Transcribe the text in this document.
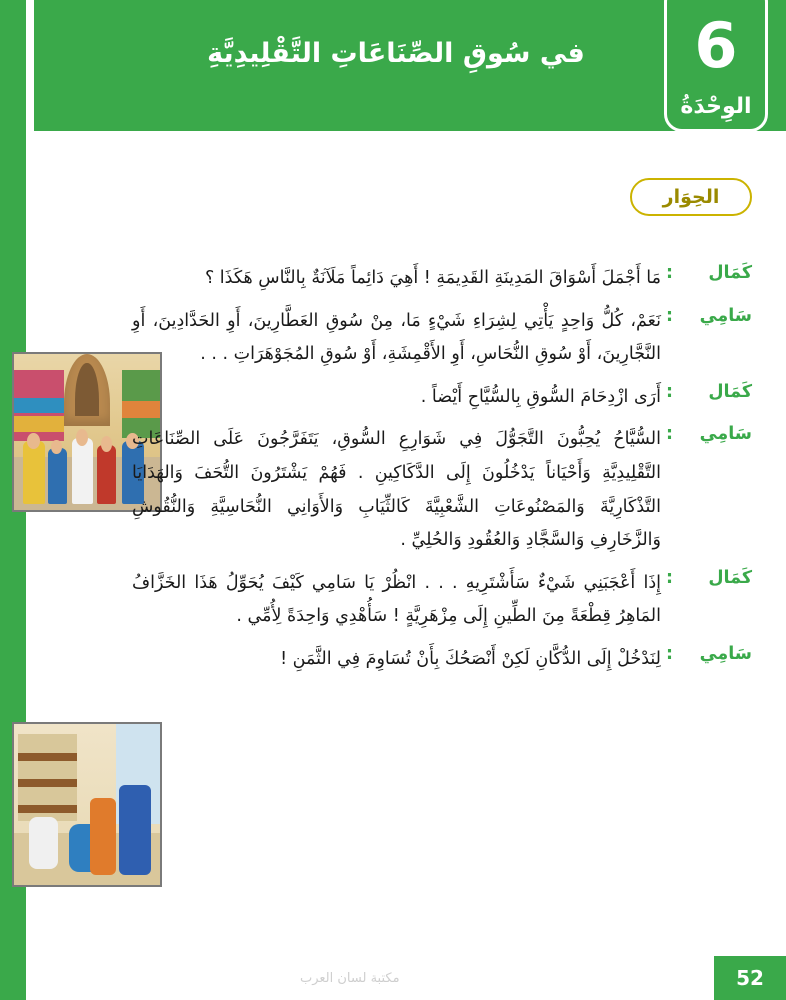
في سُوقِ الصِّنَاعَاتِ التَّقْلِيدِيَّةِ	6
الوِحْدَةُ
الحِوَار
كَمَال
:
مَا أَجْمَلَ أَسْوَاقَ المَدِينَةِ القَدِيمَةِ ! أَهِيَ دَائِماً مَلَآنَةٌ بِالنَّاسِ هَكَذَا ؟
سَامِي
:
نَعَمْ، كُلُّ وَاحِدٍ يَأْتِي لِشِرَاءِ شَيْءٍ مَا، مِنْ سُوقِ العَطَّارِينَ، أَوِ الحَدَّادِينَ، أَوِ النَّجَّارِينَ، أَوْ سُوقِ النُّحَاسِ، أَوِ الأَقْمِشَةِ، أَوْ سُوقِ المُجَوْهَرَاتِ . . .
كَمَال
:
أَرَى ازْدِحَامَ السُّوقِ بِالسُّيَّاحِ أَيْضاً .
سَامِي
:
السُّيَّاحُ يُحِبُّونَ التَّجَوُّلَ فِي شَوَارِعِ السُّوقِ، يَتَفَرَّجُونَ عَلَى الصِّنَاعَاتِ التَّقْلِيدِيَّةِ وَأَحْيَاناً يَدْخُلُونَ إِلَى الدَّكَاكِينِ . فَهُمْ يَشْتَرُونَ التُّحَفَ وَالهَدَايَا التَّذْكَارِيَّةَ وَالمَصْنُوعَاتِ الشَّعْبِيَّةَ كَالثِّيَابِ وَالأَوَانِي النُّحَاسِيَّةِ وَالنُّقُوشِ وَالزَّخَارِفِ وَالسَّجَّادِ وَالعُقُودِ وَالحُلِيِّ .
كَمَال
:
إِذَا أَعْجَبَنِي شَيْءٌ سَأَشْتَرِيهِ . . . انْظُرْ يَا سَامِي كَيْفَ يُحَوِّلُ هَذَا الخَزَّافُ المَاهِرُ قِطْعَةً مِنَ الطِّينِ إِلَى مِزْهَرِيَّةٍ ! سَأُهْدِي وَاحِدَةً لِأُمِّي .
سَامِي
:
لِنَدْخُلْ إِلَى الدُّكَّانِ لَكِنْ أَنْصَحُكَ بِأَنْ تُسَاوِمَ فِي الثَّمَنِ !
مكتبة لسان العرب	52
